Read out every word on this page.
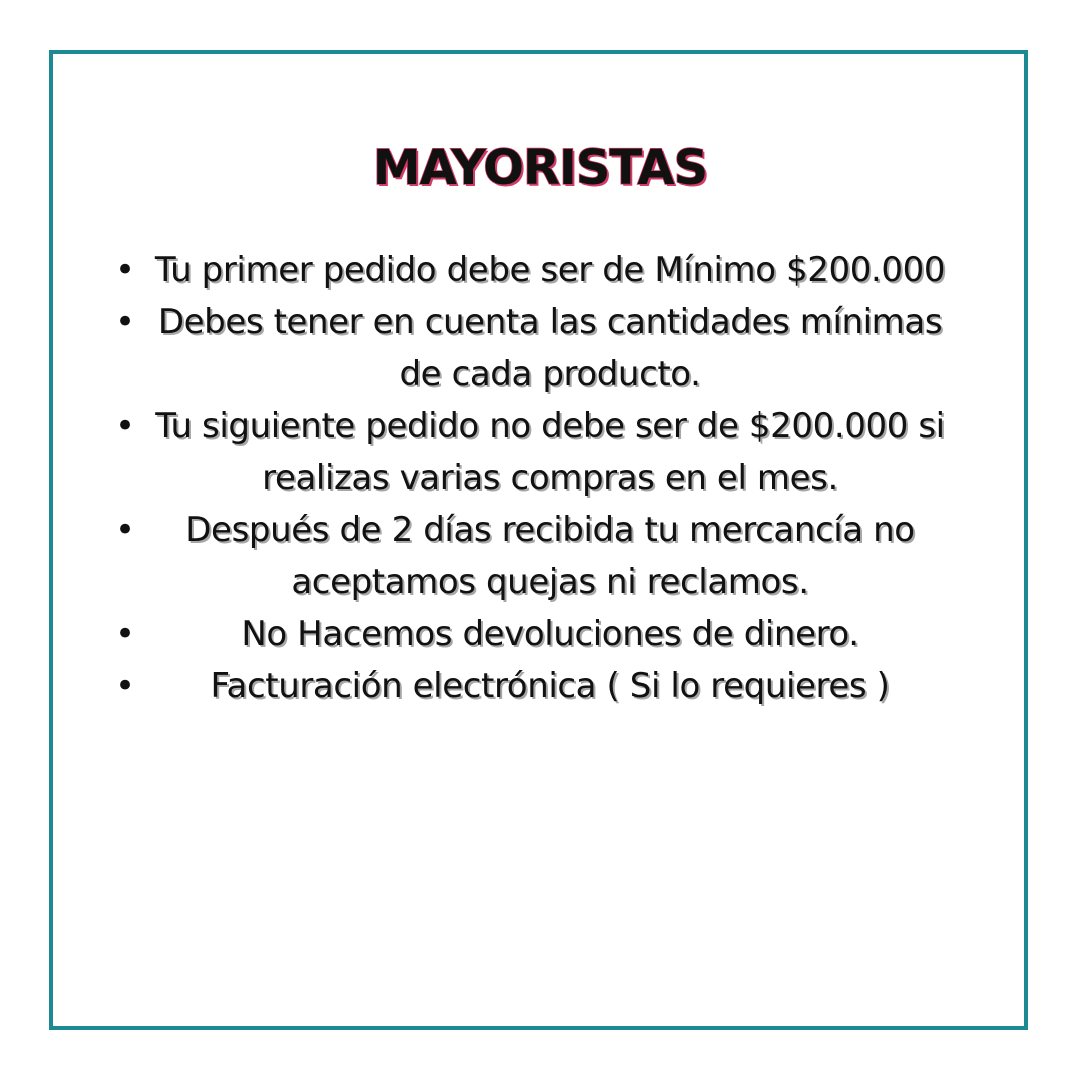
MAYORISTAS
• Tu primer pedido debe ser de Mínimo $200.000
• Debes tener en cuenta las cantidades mínimas de cada producto.
• Tu siguiente pedido no debe ser de $200.000 si realizas varias compras en el mes.
•	Después de 2 días recibida tu mercancía no aceptamos quejas ni reclamos.
•	No Hacemos devoluciones de dinero.
•	Facturación electrónica ( Si lo requieres )
